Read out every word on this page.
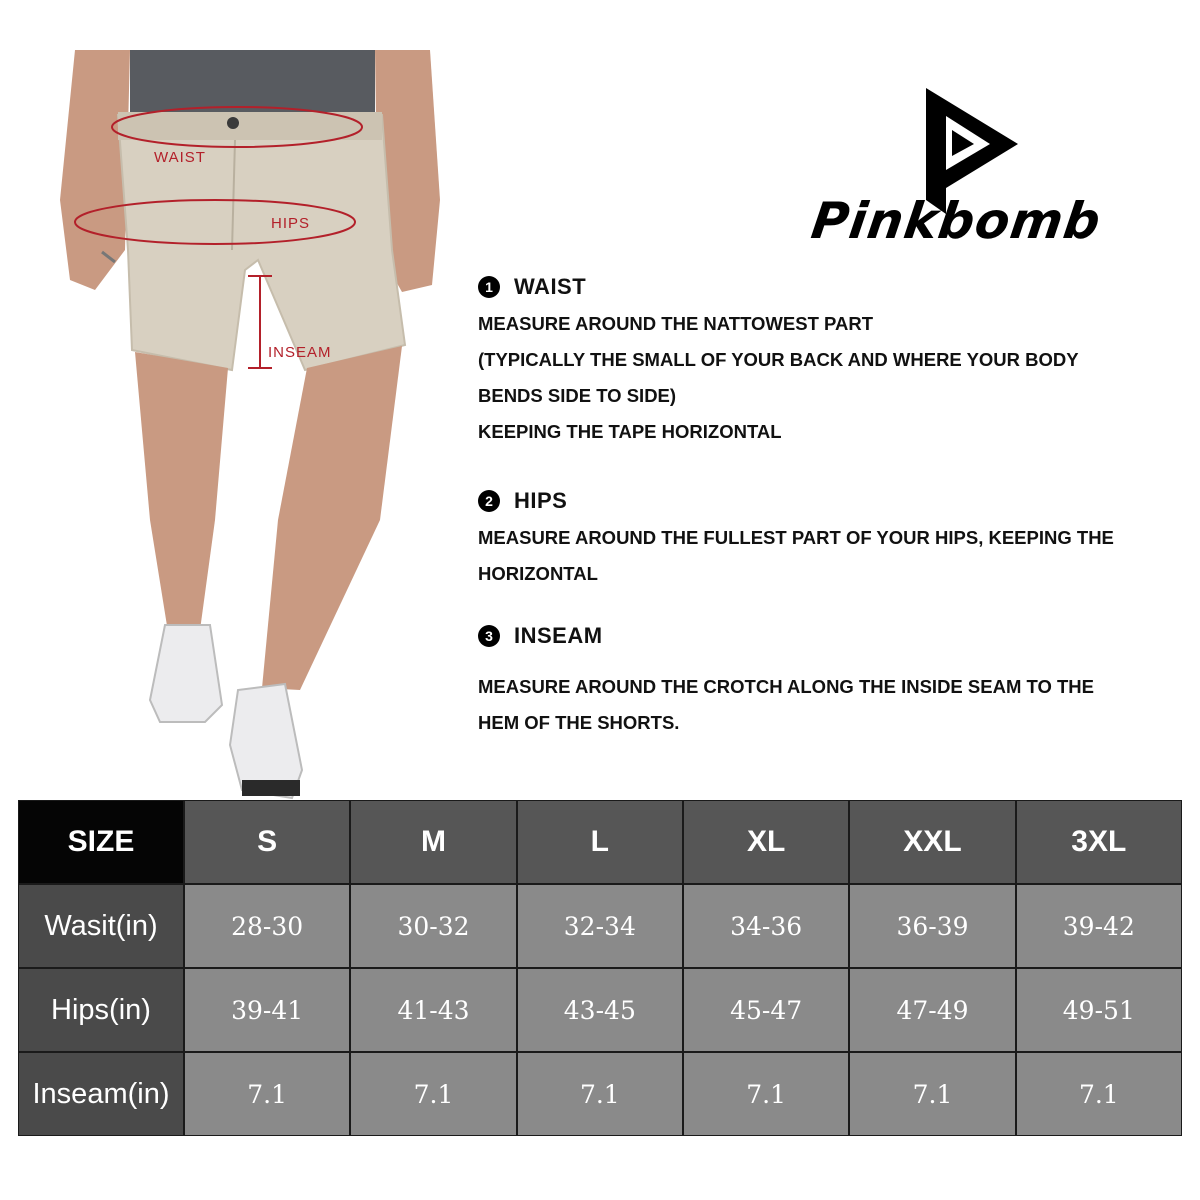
WAIST
HIPS
INSEAM
Pinkbomb
1 WAIST

MEASURE AROUND THE NATTOWEST PART

(TYPICALLY THE SMALL OF YOUR BACK AND WHERE YOUR BODY

BENDS SIDE TO SIDE)

KEEPING THE TAPE HORIZONTAL

2 HIPS

MEASURE AROUND THE FULLEST PART OF YOUR HIPS, KEEPING THE

HORIZONTAL

3 INSEAM

MEASURE AROUND THE CROTCH ALONG THE INSIDE SEAM TO THE

HEM OF THE SHORTS.

SIZE	S	M	L	XL	XXL	3XL
Wasit(in)	28-30	30-32	32-34	34-36	36-39	39-42
Hips(in)	39-41	41-43	43-45	45-47	47-49	49-51
Inseam(in)	7.1	7.1	7.1	7.1	7.1	7.1
